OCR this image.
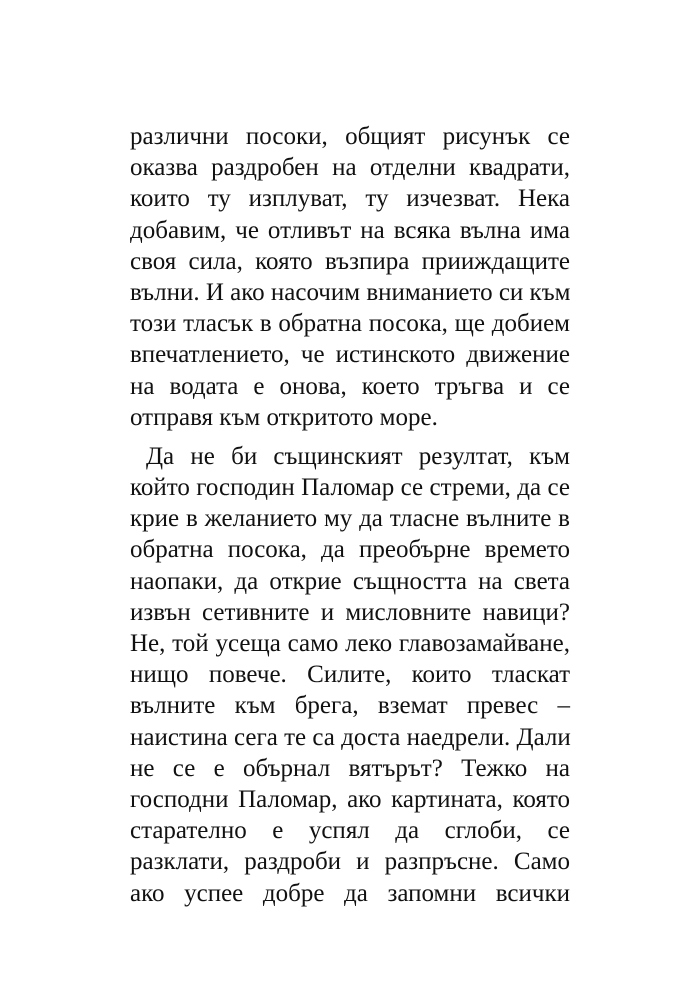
различни посоки, общият рисунък се
оказва раздробен на отделни квадрати,
които ту изплуват, ту изчезват. Нека
добавим, че отливът на всяка вълна има
своя сила, която възпира прииждащите
вълни. И ако насочим вниманието си към
този тласък в обратна посока, ще добием
впечатлението, че истинското движение
на водата е онова, което тръгва и се
отправя към откритото море.
Да не би същинският резултат, към
който господин Паломар се стреми, да се
крие в желанието му да тласне вълните в
обратна посока, да преобърне времето
наопаки, да открие същността на света
извън сетивните и мисловните навици?
Не, той усеща само леко главозамайване,
нищо повече. Силите, които тласкат
вълните към брега, вземат превес –
наистина сега те са доста наедрели. Дали
не се е обърнал вятърът? Тежко на
господни Паломар, ако картината, която
старателно е успял да сглоби, се
разклати, раздроби и разпръсне. Само
ако успее добре да запомни всички
